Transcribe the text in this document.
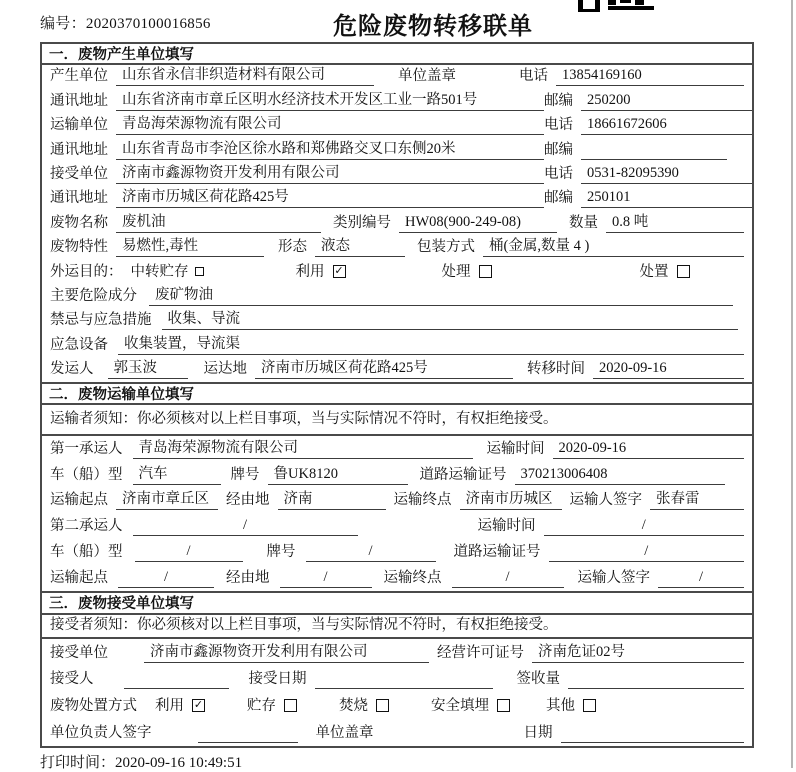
编号：2020370100016856	危险废物转移联单
一．废物产生单位填写
产生单位 山东省永信非织造材料有限公司	单位盖章	电话 13854169160
通讯地址 山东省济南市章丘区明水经济技术开发区工业一路501号	邮编 250200
运输单位 青岛海荣源物流有限公司	电话 18661672606
通讯地址 山东省青岛市李沧区徐水路和郑佛路交叉口东侧20米	邮编
接受单位 济南市鑫源物资开发利用有限公司	电话 0531-82095390
通讯地址 济南市历城区荷花路425号	邮编 250101
废物名称 废机油	类别编号 HW08(900-249-08)	数量 0.8 吨
废物特性 易燃性,毒性	形态 液态	包装方式 桶(金属,数量 4 )
外运目的： 中转贮存	利用 ✓	处理	处置
主要危险成分	废矿物油
禁忌与应急措施	收集、导流
应急设备	收集装置，导流渠
发运人	郭玉波	运达地 济南市历城区荷花路425号	转移时间 2020-09-16
二．废物运输单位填写
运输者须知：你必须核对以上栏目事项，当与实际情况不符时，有权拒绝接受。
第一承运人	青岛海荣源物流有限公司	运输时间 2020-09-16
车（船）型	汽车	牌号 鲁UK8120	道路运输证号 370213006408
运输起点 济南市章丘区	经由地 济南	运输终点 济南市历城区	运输人签字 张春雷
第二承运人	/	运输时间	/
车（船）型	/	牌号	/	道路运输证号	/
运输起点	/	经由地	/	运输终点	/	运输人签字	/
三．废物接受单位填写
接受者须知：你必须核对以上栏目事项，当与实际情况不符时，有权拒绝接受。
接受单位	济南市鑫源物资开发利用有限公司	经营许可证号 济南危证02号
接受人	接受日期	签收量
废物处置方式 利用 ✓	贮存	焚烧	安全填埋	其他
单位负责人签字	单位盖章	日期
打印时间：2020-09-16 10:49:51
